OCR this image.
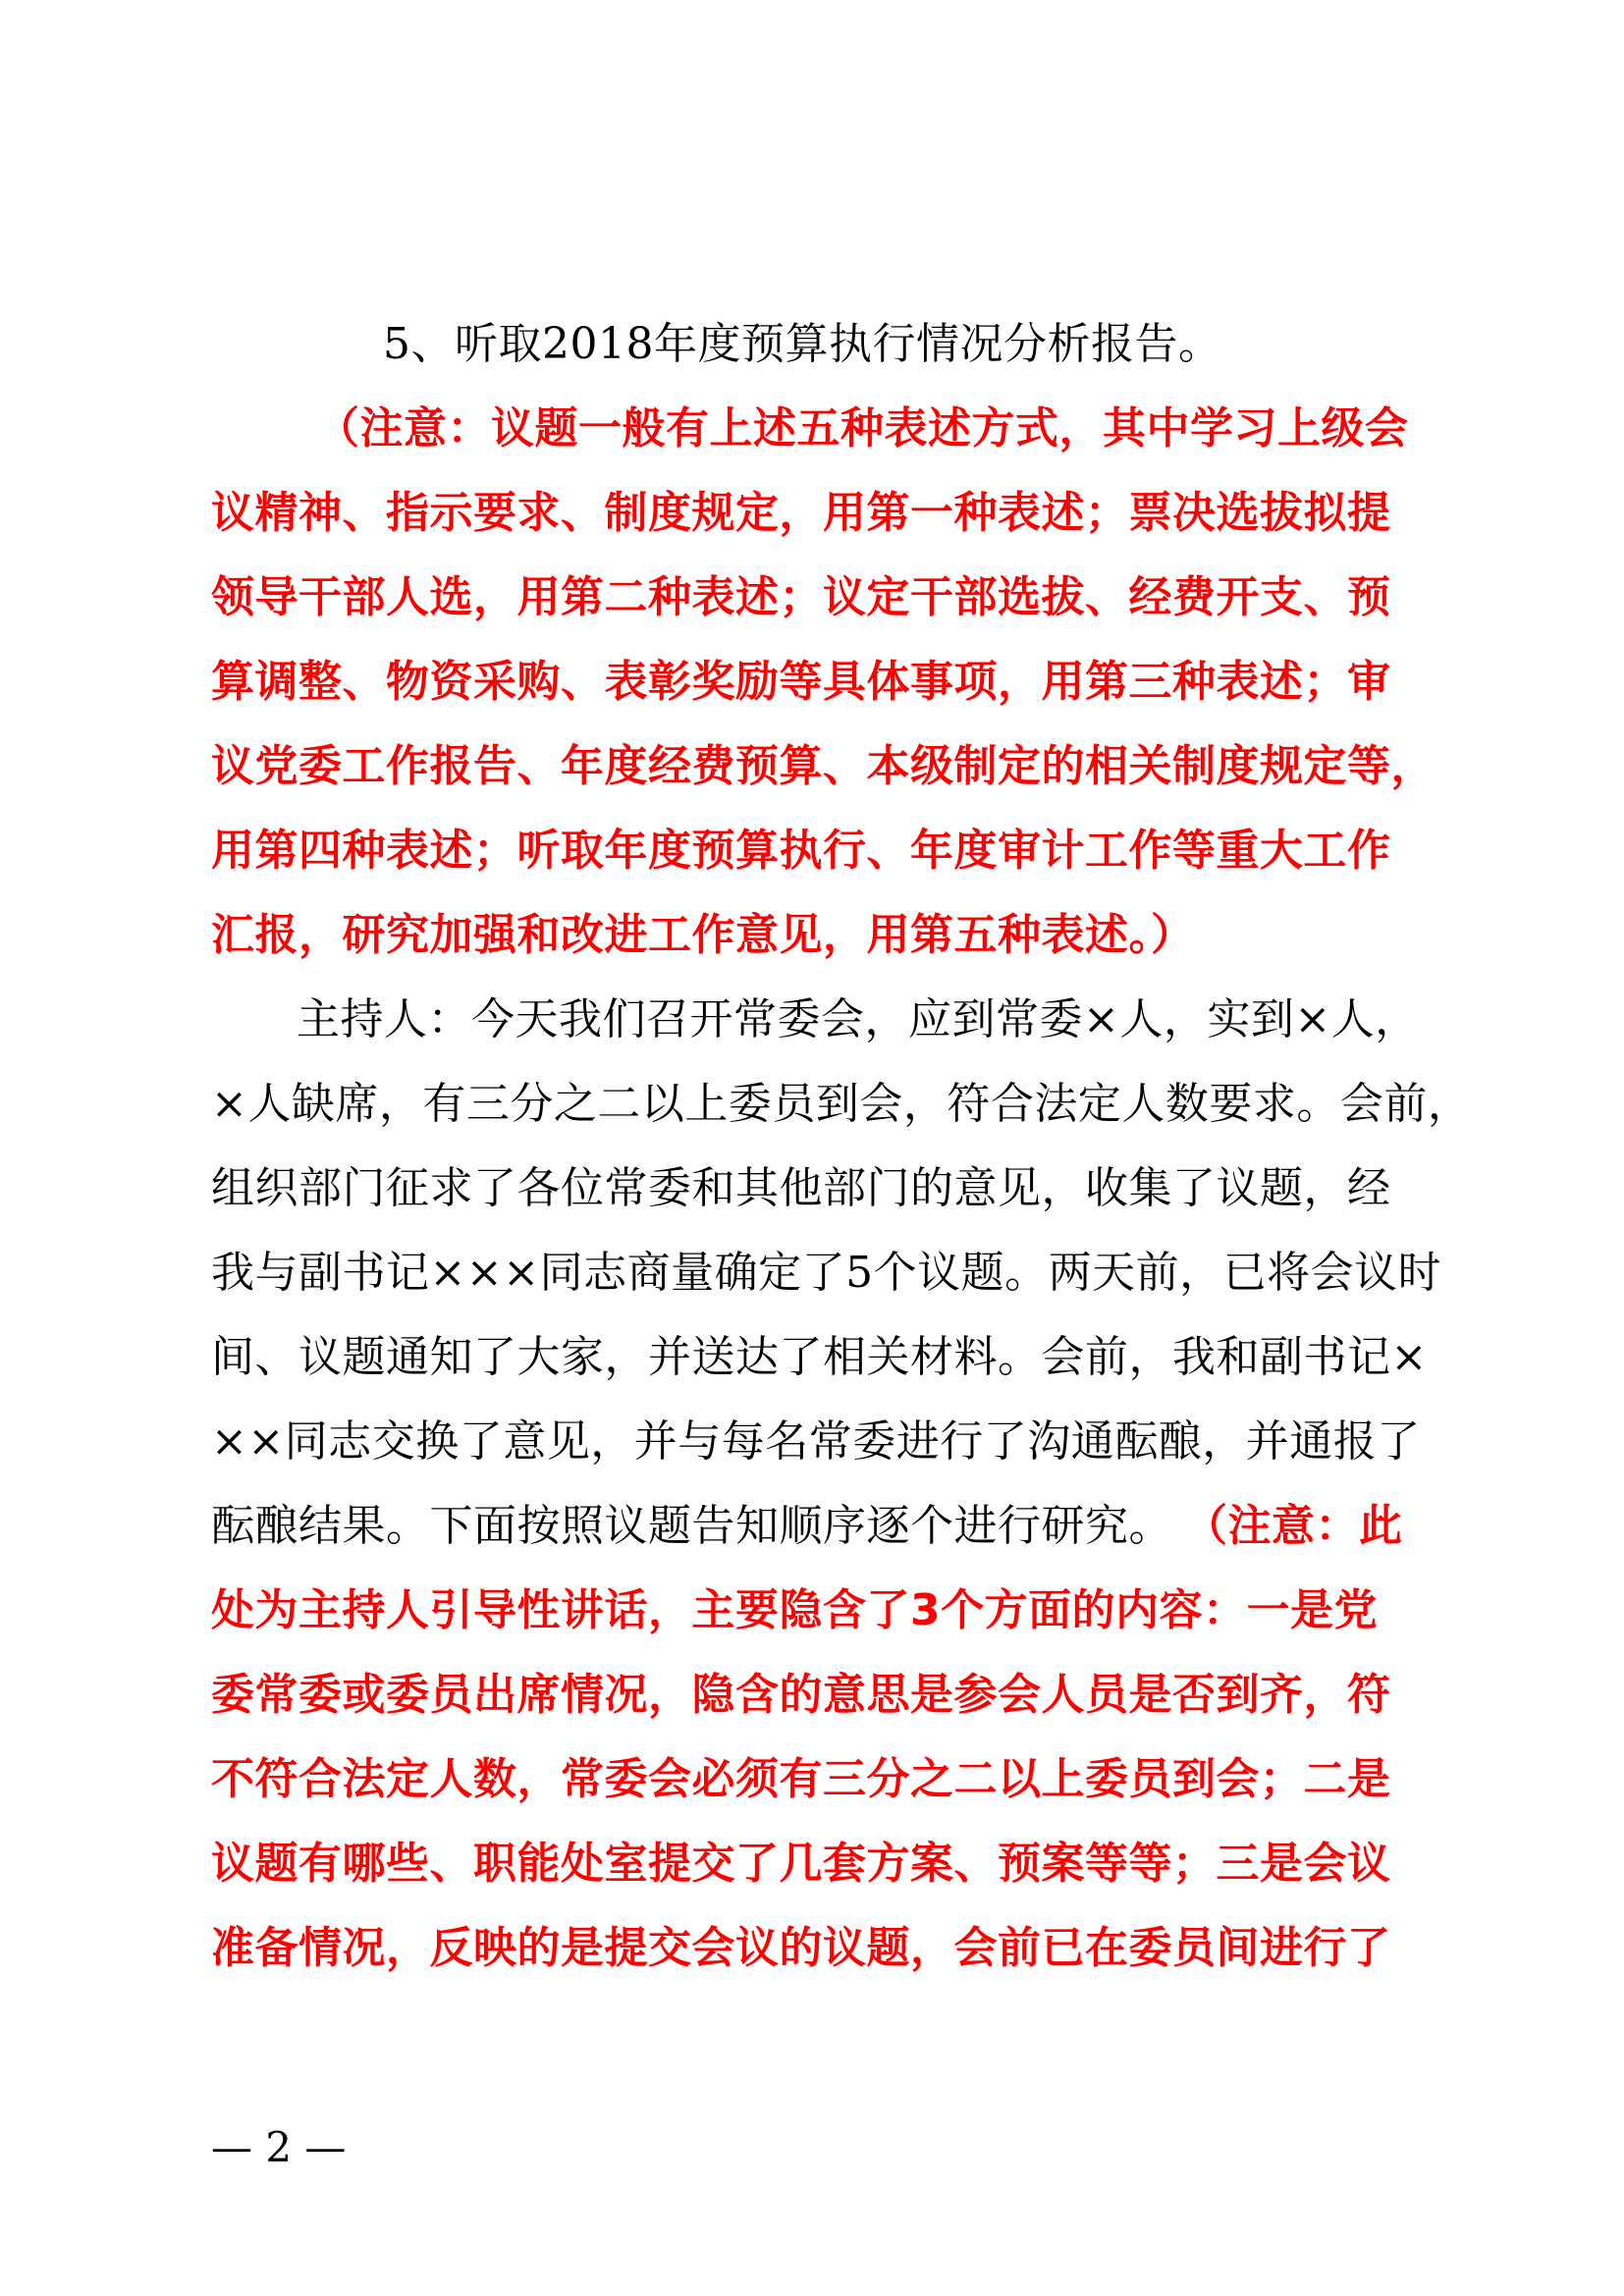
5、听取2018年度预算执行情况分析报告。
（注意：议题一般有上述五种表述方式，其中学习上级会
议精神、指示要求、制度规定，用第一种表述；票决选拔拟提
领导干部人选，用第二种表述；议定干部选拔、经费开支、预
算调整、物资采购、表彰奖励等具体事项，用第三种表述；审
议党委工作报告、年度经费预算、本级制定的相关制度规定等，
用第四种表述；听取年度预算执行、年度审计工作等重大工作
汇报，研究加强和改进工作意见，用第五种表述。）
主持人：今天我们召开常委会，应到常委×人，实到×人，
×人缺席，有三分之二以上委员到会，符合法定人数要求。会前，
组织部门征求了各位常委和其他部门的意见，收集了议题，经
我与副书记×××同志商量确定了5个议题。两天前，已将会议时
间、议题通知了大家，并送达了相关材料。会前，我和副书记×
××同志交换了意见，并与每名常委进行了沟通酝酿，并通报了
酝酿结果。下面按照议题告知顺序逐个进行研究。 （注意：此
处为主持人引导性讲话，主要隐含了3个方面的内容：一是党
委常委或委员出席情况，隐含的意思是参会人员是否到齐，符
不符合法定人数，常委会必须有三分之二以上委员到会；二是
议题有哪些、职能处室提交了几套方案、预案等等；三是会议
准备情况，反映的是提交会议的议题，会前已在委员间进行了
— 2 —
